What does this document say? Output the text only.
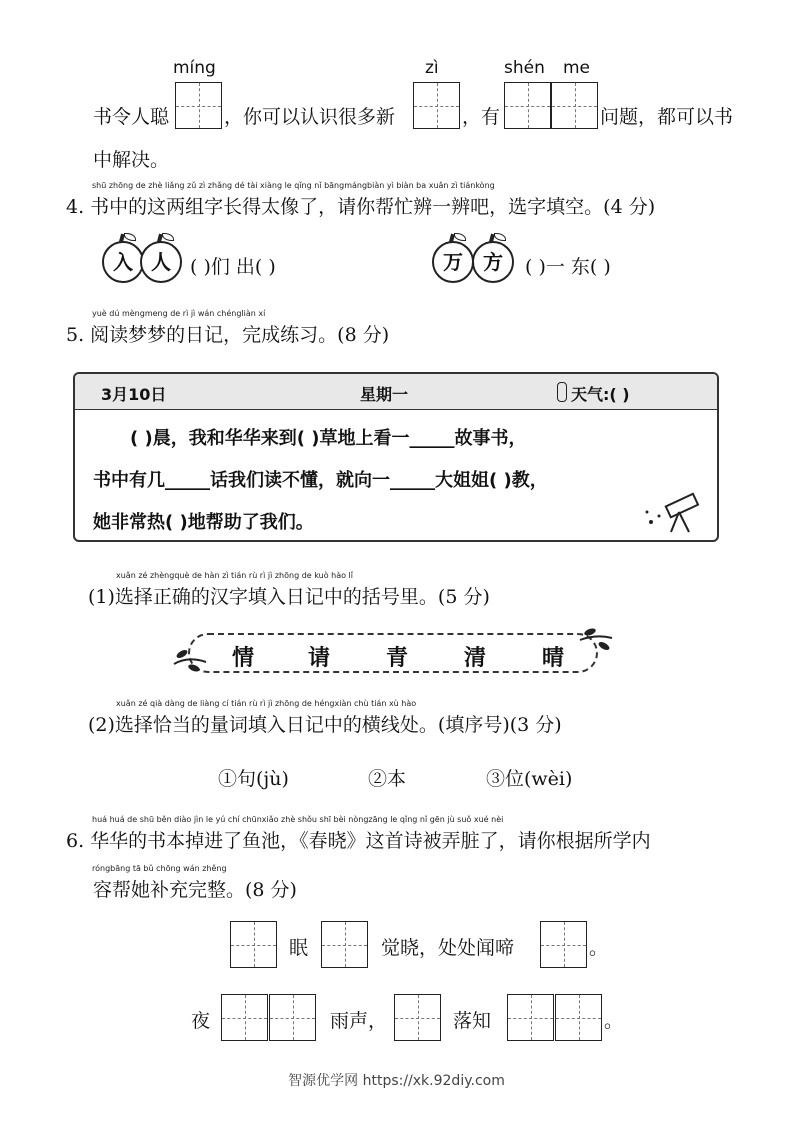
míng	zì	shén me
书令人聪	，你可以认识很多新	，有	问题，都可以书
中解决。
shū zhōng de zhè liǎng zǔ zì zhǎng dé tài xiàng le qǐng nǐ bāngmángbiàn yì biàn ba xuǎn zì tiánkòng
4. 书中的这两组字长得太像了，请你帮忙辨一辨吧，选字填空。(4 分)
入 人	( )们 出( )	万	方	( )一 东( )
yuè dú mèngmeng de rì jì wán chéngliàn xí
5. 阅读梦梦的日记，完成练习。(8 分)
3月10日	星期一	天气:( )
( )晨，我和华华来到( )草地上看一_____故事书，
书中有几_____话我们读不懂，就向一_____大姐姐( )教，
她非常热( )地帮助了我们。
xuǎn zé zhèngquè de hàn zì tián rù rì jì zhōng de kuò hào lǐ
(1)选择正确的汉字填入日记中的括号里。(5 分)
情 请	青	清	晴
xuǎn zé qià dàng de liàng cí tián rù rì jì zhōng de héngxiàn chù tián xù hào
(2)选择恰当的量词填入日记中的横线处。(填序号)(3 分)
①句(jù)	②本	③位(wèi)
huá huá de shū běn diào jìn le yú chí chūnxiǎo zhè shǒu shī bèi nòngzāng le qǐng nǐ gēn jù suǒ xué nèi
6. 华华的书本掉进了鱼池，《春晓》这首诗被弄脏了，请你根据所学内
róngbāng tā bǔ chōng wán zhěng
容帮她补充完整。(8 分)
眠	觉晓，处处闻啼	。
夜	雨声，	落知	。
智源优学网 https://xk.92diy.com
